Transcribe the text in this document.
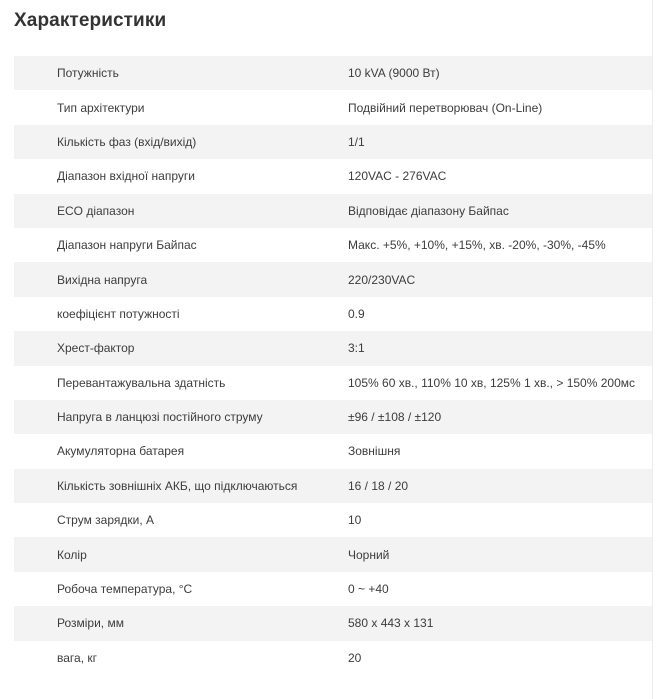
Характеристики
Потужність	10 kVA (9000 Вт)
Тип архітектури	Подвійний перетворювач (On-Line)
Кількість фаз (вхід/вихід)	1/1
Діапазон вхідної напруги	120VAC - 276VAC
ECO діапазон	Відповідає діапазону Байпас
Діапазон напруги Байпас	Макс. +5%, +10%, +15%, хв. -20%, -30%, -45%
Вихідна напруга	220/230VAC
коефіцієнт потужності	0.9
Хрест-фактор	3:1
Перевантажувальна здатність	105% 60 хв., 110% 10 хв, 125% 1 хв., > 150% 200мс
Напруга в ланцюзі постійного струму	±96 / ±108 / ±120
Акумуляторна батарея	Зовнішня
Кількість зовнішніх АКБ, що підключаються	16 / 18 / 20
Струм зарядки, А	10
Колір	Чорний
Робоча температура, °С	0 ~ +40
Розміри, мм	580 x 443 x 131
вага, кг	20
